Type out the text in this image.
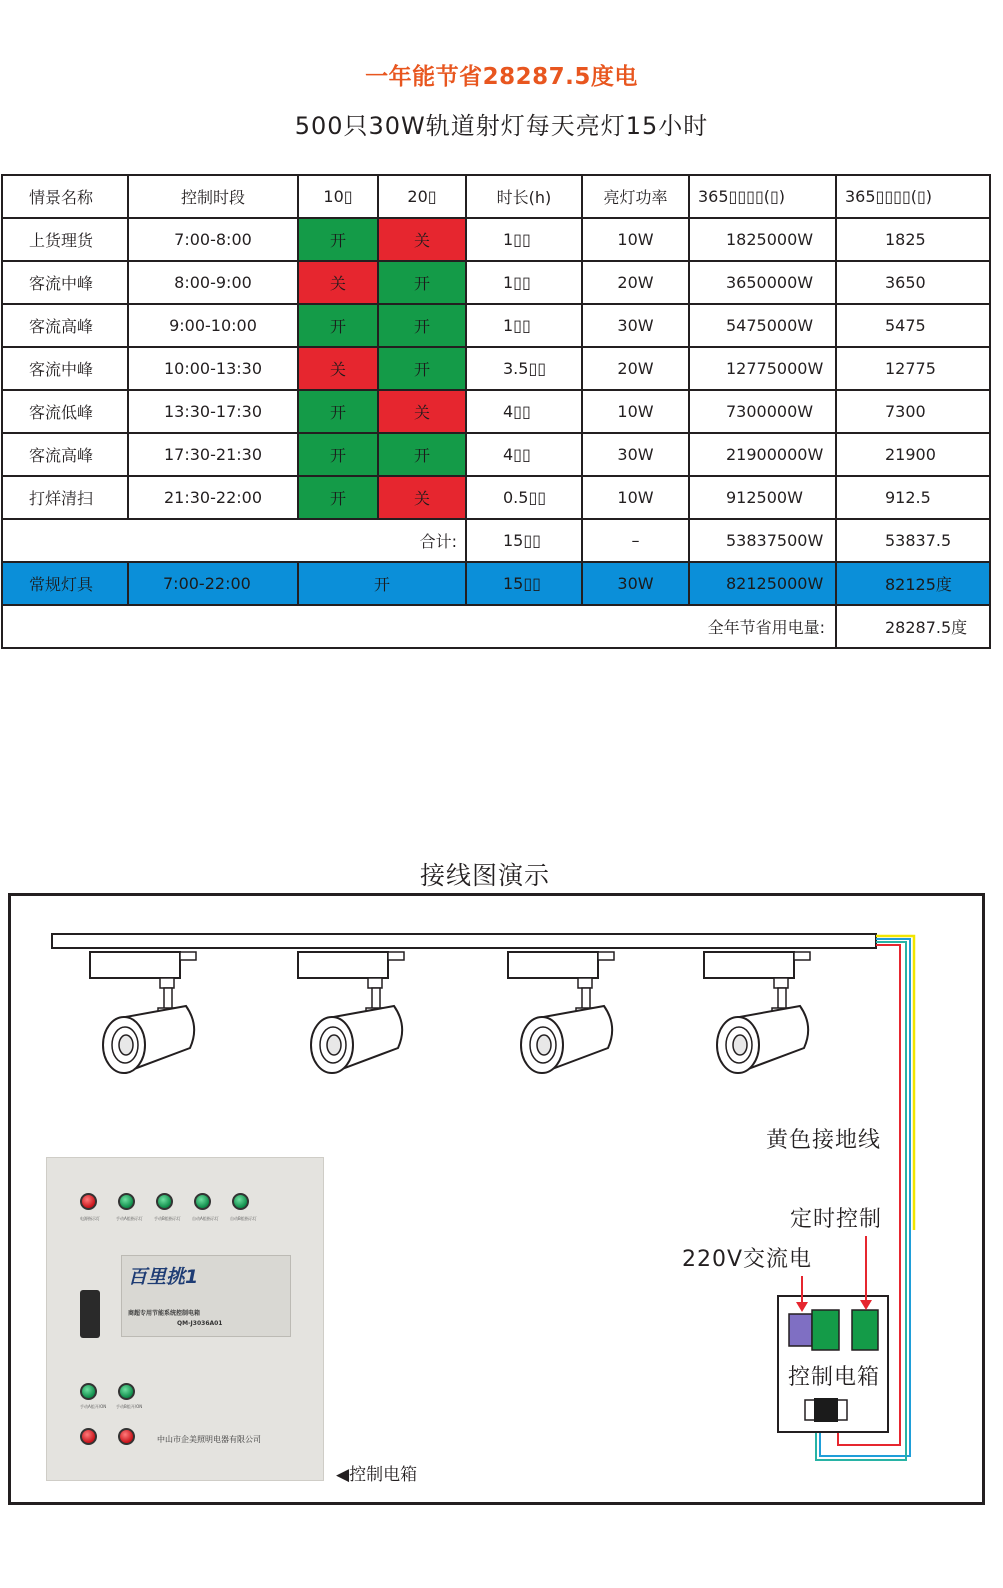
一年能节省28287.5度电
500只30W轨道射灯每天亮灯15小时
情景名称	控制时段	10▯	20▯	时长(h)	亮灯功率	365▯▯▯▯(▯)	365▯▯▯▯(▯)
上货理货	7:00-8:00	开	关	1▯▯	10W	1825000W	1825
客流中峰	8:00-9:00	关	开	1▯▯	20W	3650000W	3650
客流高峰	9:00-10:00	开	开	1▯▯	30W	5475000W	5475
客流中峰	10:00-13:30	关	开	3.5▯▯	20W	12775000W	12775
客流低峰	13:30-17:30	开	关	4▯▯	10W	7300000W	7300
客流高峰	17:30-21:30	开	开	4▯▯	30W	21900000W	21900
打烊清扫	21:30-22:00	开	关	0.5▯▯	10W	912500W	912.5
合计:				15▯▯	–	53837500W	53837.5
常规灯具	7:00-22:00	开		15▯▯	30W	82125000W	82125度
全年节省用电量:							28287.5度
接线图演示
黄色接地线
定时控制
220V交流电
控制电箱
电源指示灯	手动A组指示灯	手动B组指示灯	自动A组指示灯	自动B组指示灯
百里挑1
商超专用节能系统控制电箱
QM-J3036A01
手动A组开/ON 手动B组开/ON
中山市企美照明电器有限公司
◀控制电箱
